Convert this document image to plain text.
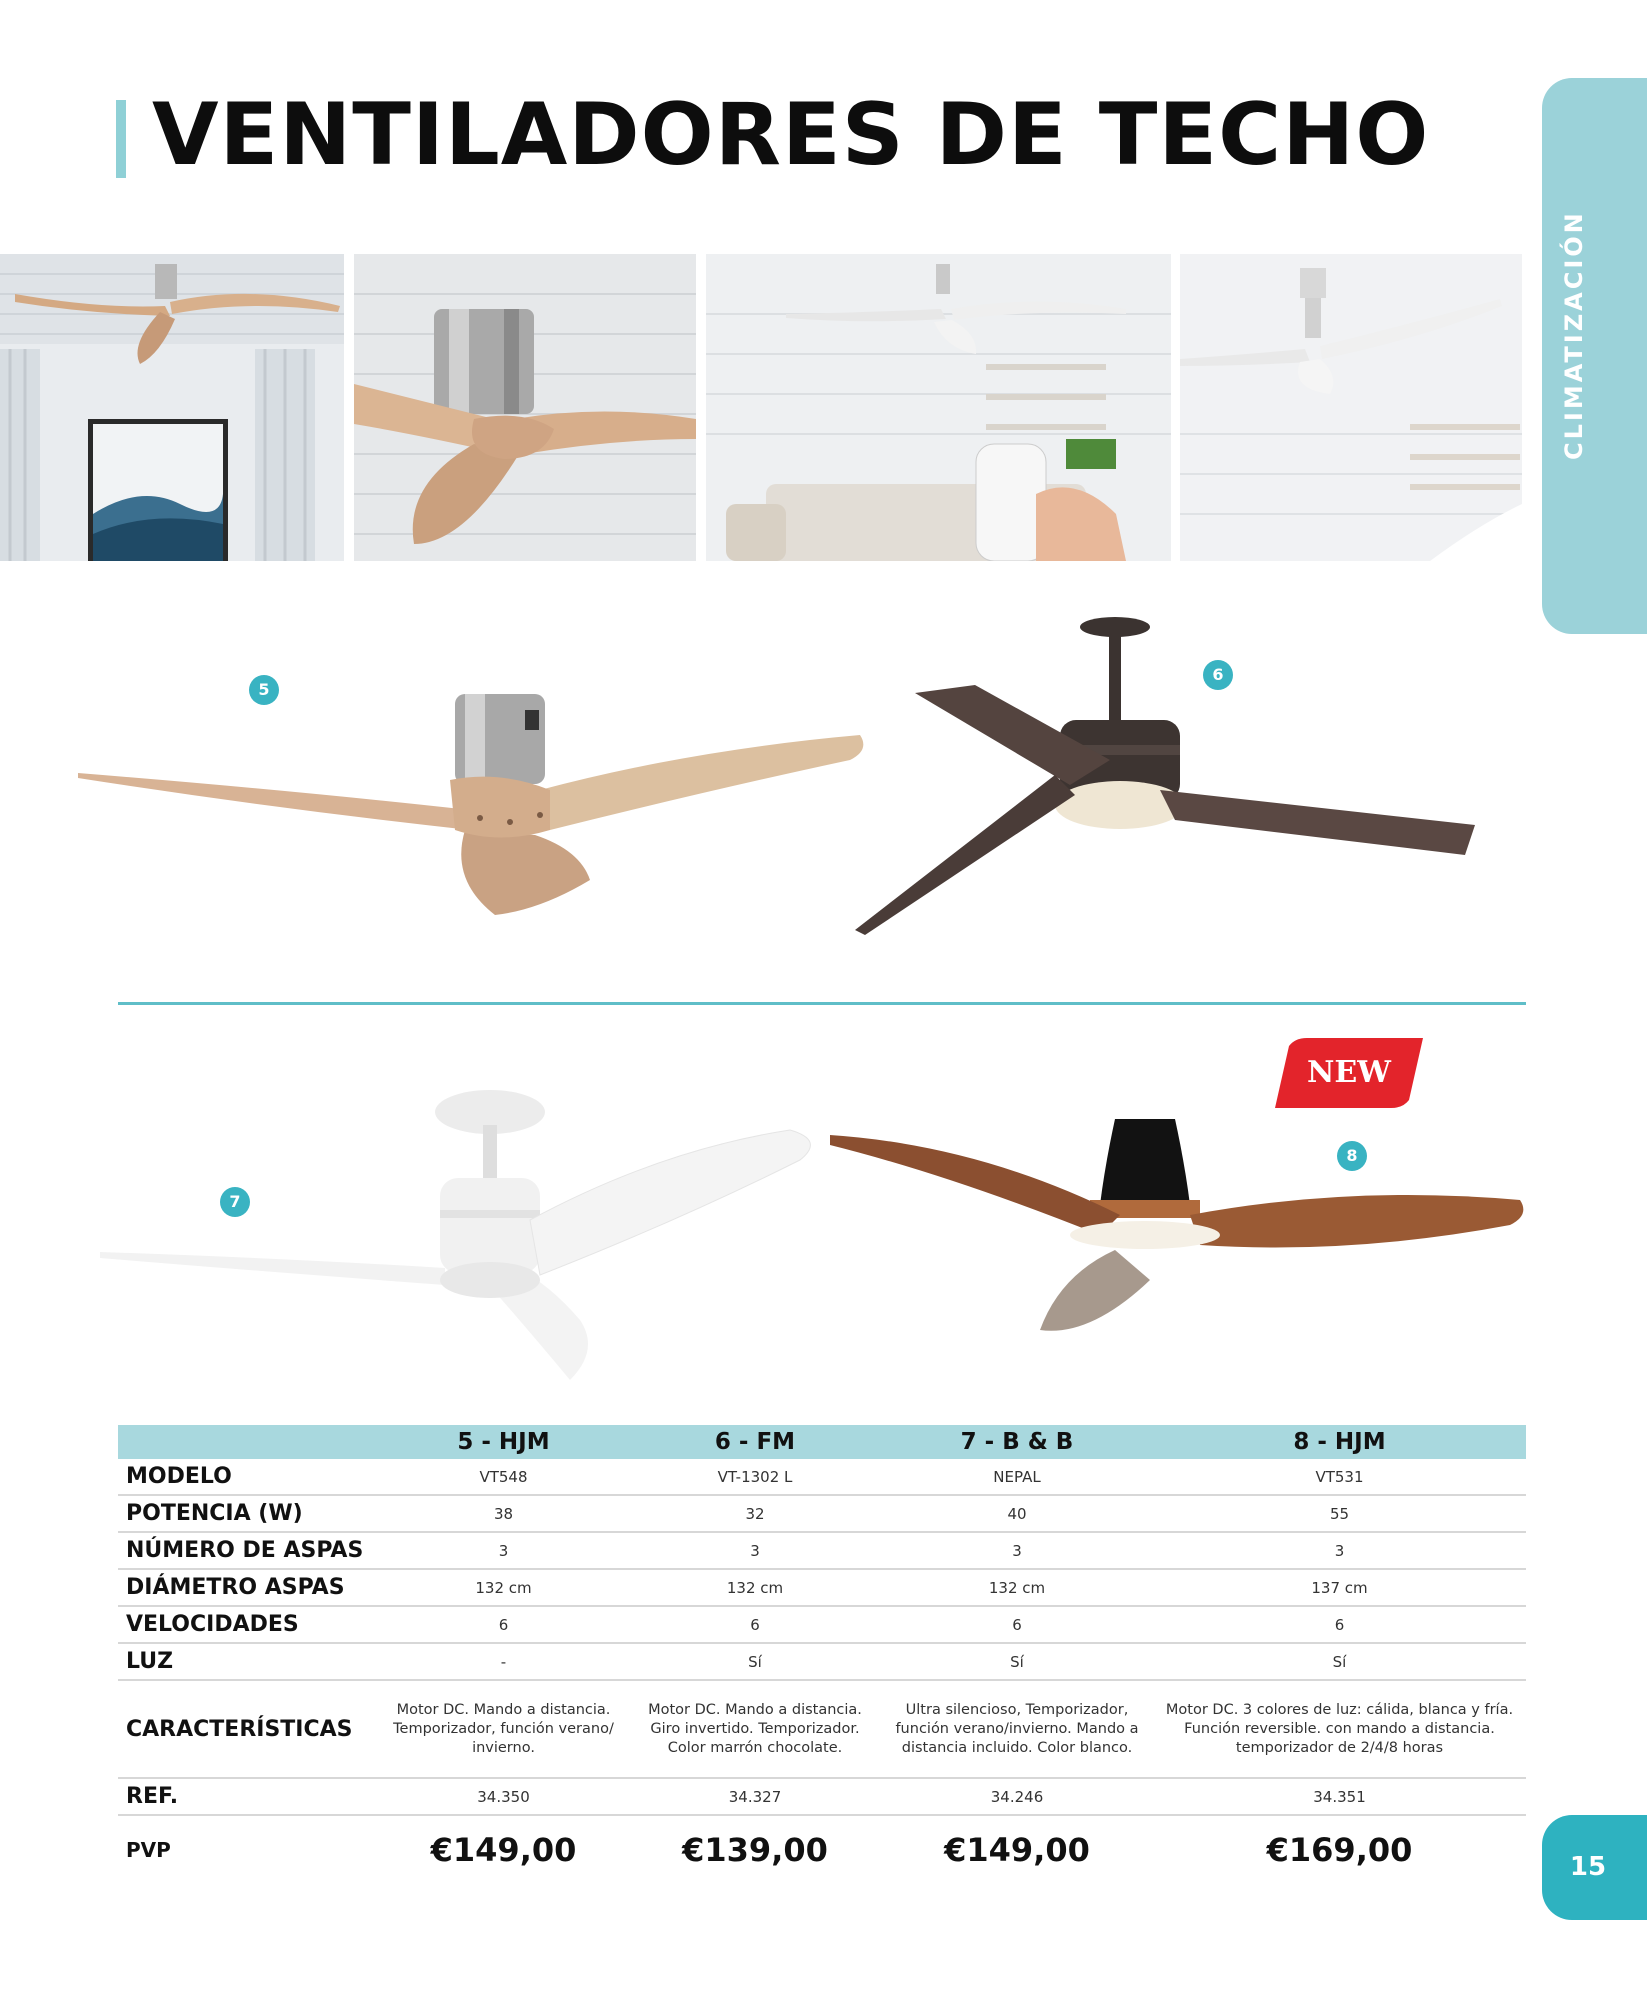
VENTILADORES DE TECHO
CLIMATIZACIÓN
5
6
7
8
NEW
	5 - HJM	6 - FM	7 - B & B	8 - HJM
MODELO	VT548	VT-1302 L	NEPAL	VT531
POTENCIA (W)	38	32	40	55
NÚMERO DE ASPAS	3	3	3	3
DIÁMETRO ASPAS	132 cm	132 cm	132 cm	137 cm
VELOCIDADES	6	6	6	6
LUZ	-	Sí	Sí	Sí
CARACTERÍSTICAS	Motor DC. Mando a distancia. Temporizador, función verano/ invierno.	Motor DC. Mando a distancia. Giro invertido. Temporizador. Color marrón chocolate.	Ultra silencioso, Temporizador, función verano/invierno. Mando a distancia incluido. Color blanco.	Motor DC. 3 colores de luz: cálida, blanca y fría. Función reversible. con mando a distancia. temporizador de 2/4/8 horas
REF.	34.350	34.327	34.246	34.351
PVP	€149,00	€139,00	€149,00	€169,00	15
